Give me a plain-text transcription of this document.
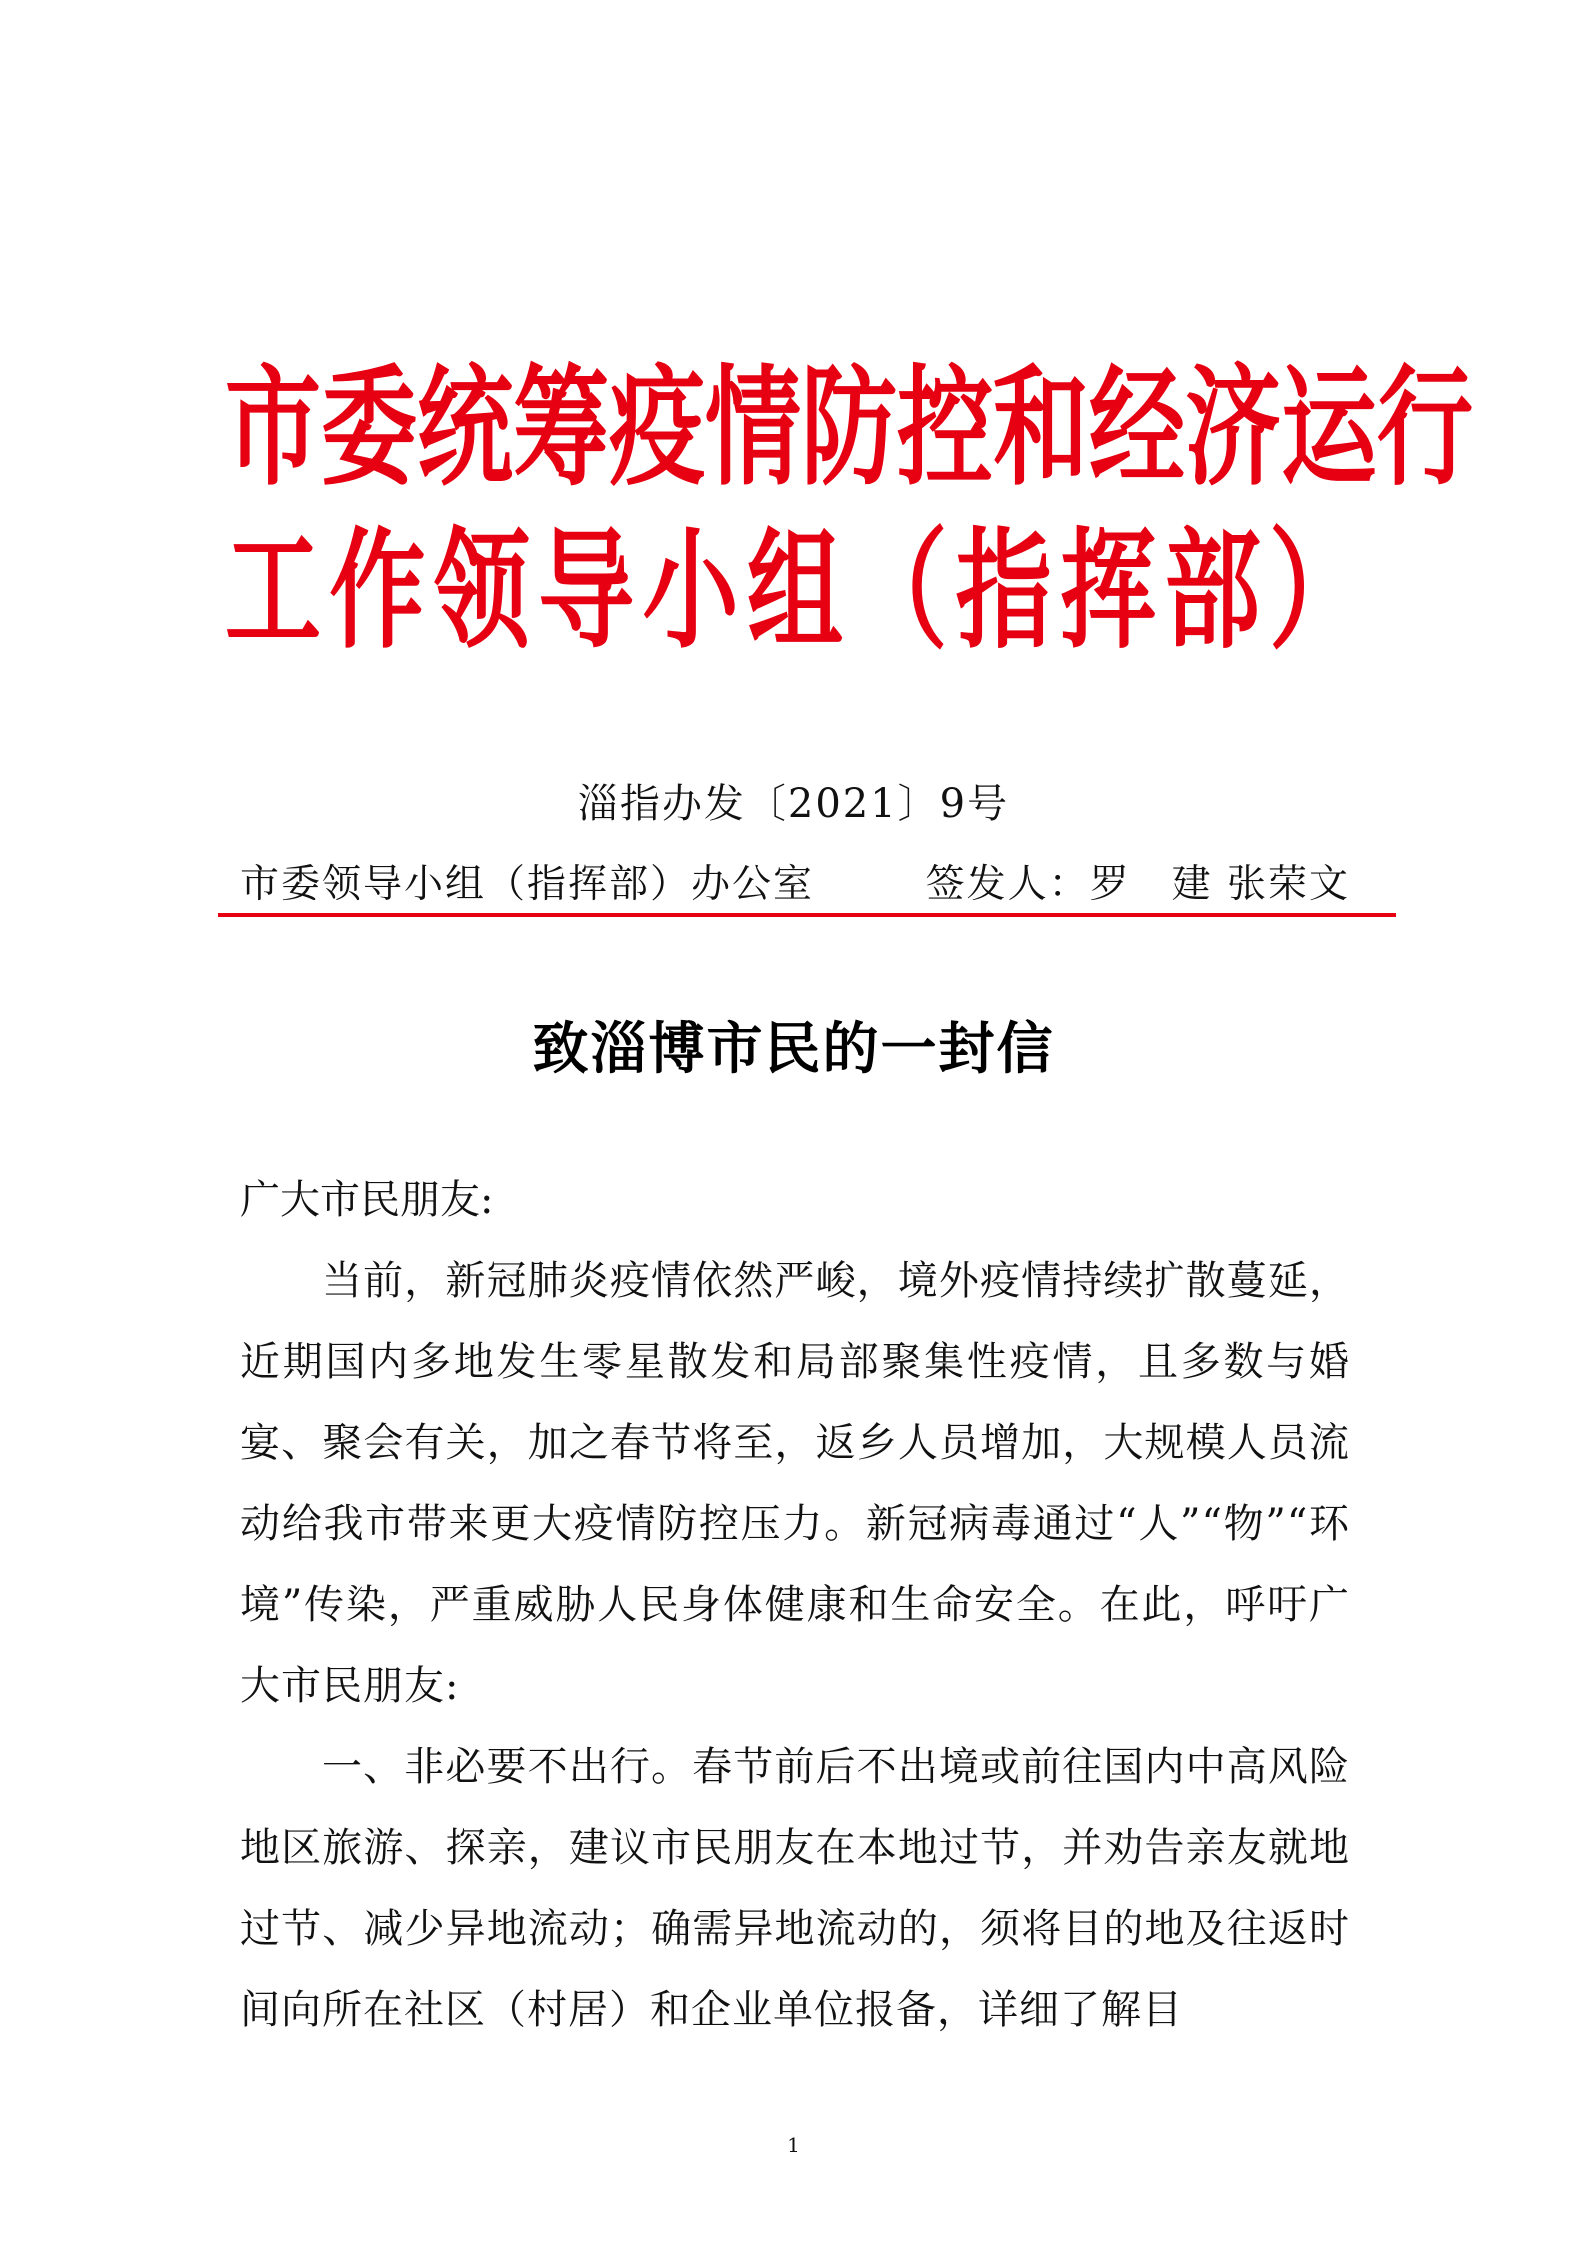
市委统筹疫情防控和经济运行
工作领导小组（指挥部）
淄指办发〔2021〕9号
市委领导小组（指挥部）办公室	签发人：罗　建 张荣文
致淄博市民的一封信
广大市民朋友:
当前，新冠肺炎疫情依然严峻，境外疫情持续扩散蔓延，近期国内多地发生零星散发和局部聚集性疫情，且多数与婚宴、聚会有关，加之春节将至，返乡人员增加，大规模人员流动给我市带来更大疫情防控压力。新冠病毒通过“人”“物”“环境”传染，严重威胁人民身体健康和生命安全。在此，呼吁广大市民朋友:
一、非必要不出行。春节前后不出境或前往国内中高风险地区旅游、探亲，建议市民朋友在本地过节，并劝告亲友就地过节、减少异地流动；确需异地流动的，须将目的地及往返时间向所在社区（村居）和企业单位报备，详细了解目
1
